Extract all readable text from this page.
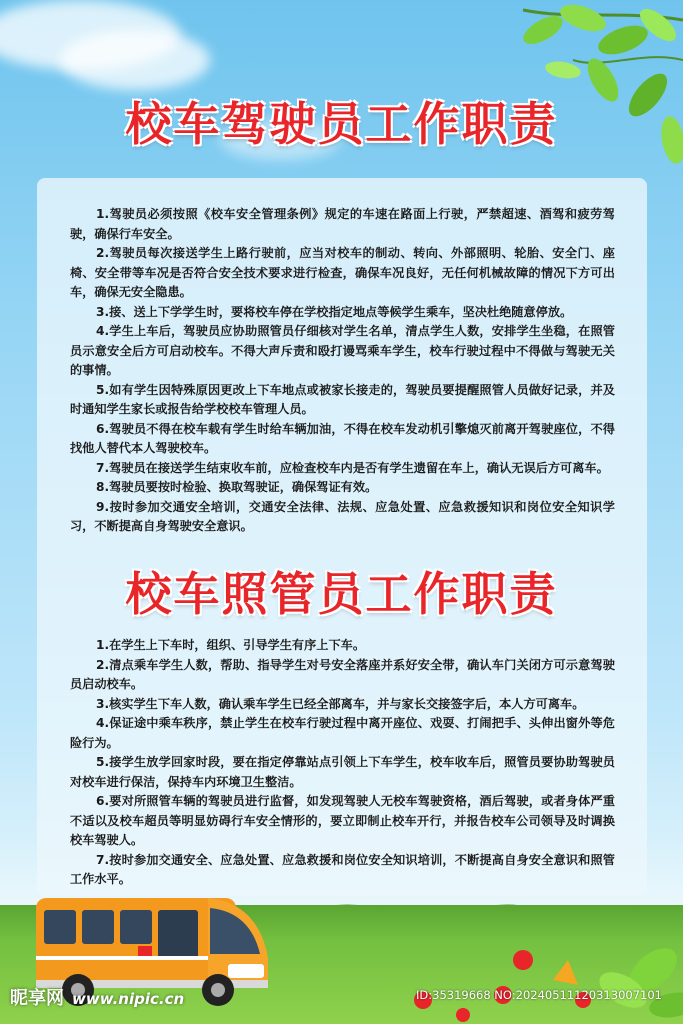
校车驾驶员工作职责
1.驾驶员必须按照《校车安全管理条例》规定的车速在路面上行驶，严禁超速、酒驾和疲劳驾驶，确保行车安全。
2.驾驶员每次接送学生上路行驶前，应当对校车的制动、转向、外部照明、轮胎、安全门、座椅、安全带等车况是否符合安全技术要求进行检查，确保车况良好，无任何机械故障的情况下方可出车，确保无安全隐患。
3.接、送上下学学生时，要将校车停在学校指定地点等候学生乘车，坚决杜绝随意停放。
4.学生上车后，驾驶员应协助照管员仔细核对学生名单，清点学生人数，安排学生坐稳，在照管员示意安全后方可启动校车。不得大声斥责和殴打谩骂乘车学生，校车行驶过程中不得做与驾驶无关的事情。
5.如有学生因特殊原因更改上下车地点或被家长接走的，驾驶员要提醒照管人员做好记录，并及时通知学生家长或报告给学校校车管理人员。
6.驾驶员不得在校车载有学生时给车辆加油，不得在校车发动机引擎熄灭前离开驾驶座位，不得找他人替代本人驾驶校车。
7.驾驶员在接送学生结束收车前，应检查校车内是否有学生遗留在车上，确认无误后方可离车。
8.驾驶员要按时检验、换取驾驶证，确保驾证有效。
9.按时参加交通安全培训，交通安全法律、法规、应急处置、应急救援知识和岗位安全知识学习，不断提高自身驾驶安全意识。
校车照管员工作职责
1.在学生上下车时，组织、引导学生有序上下车。
2.清点乘车学生人数，帮助、指导学生对号安全落座并系好安全带，确认车门关闭方可示意驾驶员启动校车。
3.核实学生下车人数，确认乘车学生已经全部离车，并与家长交接签字后，本人方可离车。
4.保证途中乘车秩序，禁止学生在校车行驶过程中离开座位、戏耍、打闹把手、头伸出窗外等危险行为。
5.接学生放学回家时段，要在指定停靠站点引领上下车学生，校车收车后，照管员要协助驾驶员对校车进行保洁，保持车内环境卫生整洁。
6.要对所照管车辆的驾驶员进行监督，如发现驾驶人无校车驾驶资格，酒后驾驶，或者身体严重不适以及校车超员等明显妨碍行车安全情形的，要立即制止校车开行，并报告校车公司领导及时调换校车驾驶人。
7.按时参加交通安全、应急处置、应急救援和岗位安全知识培训，不断提高自身安全意识和照管工作水平。
昵享网 www.nipic.cn	ID:35319668 NO:20240511120313007101
